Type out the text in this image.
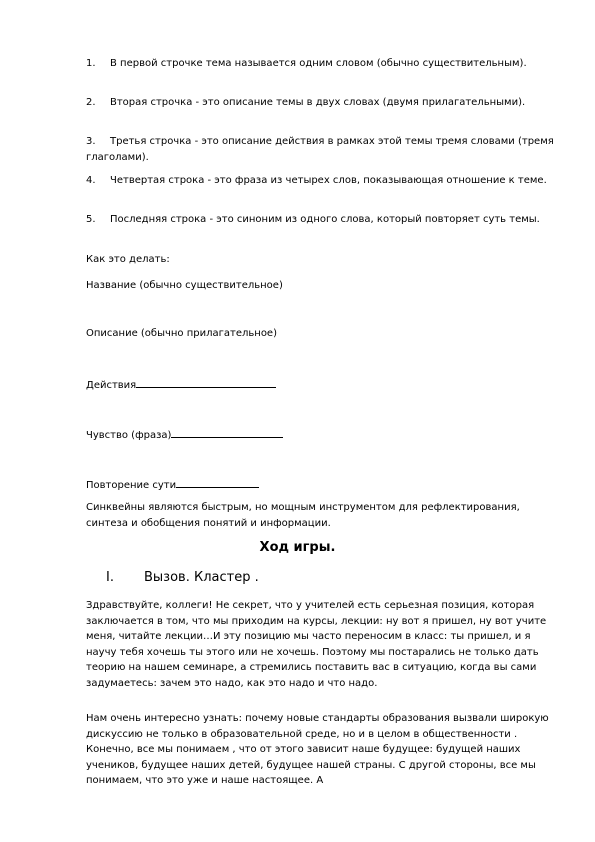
1. В первой строчке тема называется одним словом (обычно существительным).
2. Вторая строчка - это описание темы в двух словах (двумя прилагательными).
3. Третья строчка - это описание действия в рамках этой темы тремя словами (тремя глаголами).
4. Четвертая строка - это фраза из четырех слов, показывающая отношение к теме.
5. Последняя строка - это синоним из одного слова, который повторяет суть темы.
Как это делать:
Название (обычно существительное)
Описание (обычно прилагательное)
Действия
Чувство (фраза)
Повторение сути
Синквейны являются быстрым, но мощным инструментом для рефлектирования, синтеза и обобщения понятий и информации.
Ход игры.
I. Вызов. Кластер .
Здравствуйте, коллеги! Не секрет, что у учителей есть серьезная позиция, которая заключается в том, что мы приходим на курсы, лекции: ну вот я пришел, ну вот учите меня, читайте лекции…И эту позицию мы часто переносим в класс: ты пришел, и я научу тебя хочешь ты этого или не хочешь. Поэтому мы постарались не только дать теорию на нашем семинаре, а стремились поставить вас в ситуацию, когда вы сами задумаетесь: зачем это надо, как это надо и что надо.
Нам очень интересно узнать: почему новые стандарты образования вызвали широкую дискуссию не только в образовательной среде, но и в целом в общественности . Конечно, все мы понимаем , что от этого зависит наше будущее: будущей наших учеников, будущее наших детей, будущее нашей страны. С другой стороны, все мы понимаем, что это уже и наше настоящее. А
